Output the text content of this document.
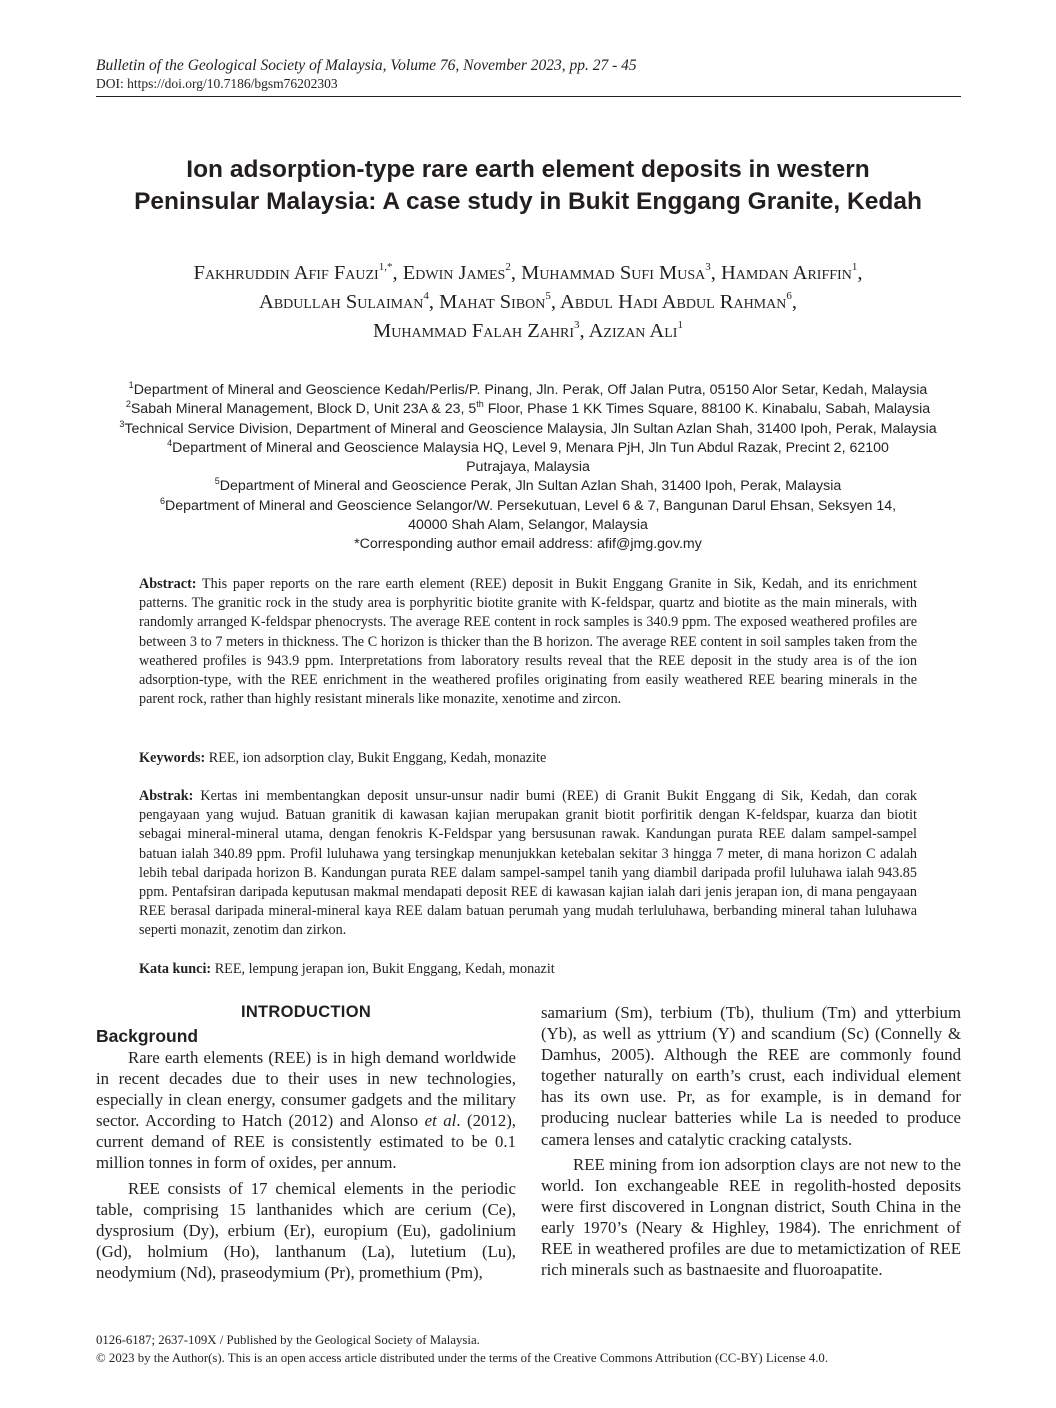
Bulletin of the Geological Society of Malaysia, Volume 76, November 2023, pp. 27 - 45
DOI: https://doi.org/10.7186/bgsm76202303
Ion adsorption-type rare earth element deposits in western
Peninsular Malaysia: A case study in Bukit Enggang Granite, Kedah
Fakhruddin Afif Fauzi$^{1,*}$, Edwin James$^2$, Muhammad Sufi Musa$^3$, Hamdan Ariffin$^1$,
Abdullah Sulaiman$^4$, Mahat Sibon$^5$, Abdul Hadi Abdul Rahman$^6$,
Muhammad Falah Zahri$^3$, Azizan Ali$^1$
$^1$Department of Mineral and Geoscience Kedah/Perlis/P. Pinang, Jln. Perak, Off Jalan Putra, 05150 Alor Setar, Kedah, Malaysia
$^2$Sabah Mineral Management, Block D, Unit 23A & 23, 5th Floor, Phase 1 KK Times Square, 88100 K. Kinabalu, Sabah, Malaysia
$^3$Technical Service Division, Department of Mineral and Geoscience Malaysia, Jln Sultan Azlan Shah, 31400 Ipoh, Perak, Malaysia
$^4$Department of Mineral and Geoscience Malaysia HQ, Level 9, Menara PjH, Jln Tun Abdul Razak, Precint 2, 62100
Putrajaya, Malaysia
$^5$Department of Mineral and Geoscience Perak, Jln Sultan Azlan Shah, 31400 Ipoh, Perak, Malaysia
$^6$Department of Mineral and Geoscience Selangor/W. Persekutuan, Level 6 & 7, Bangunan Darul Ehsan, Seksyen 14,
40000 Shah Alam, Selangor, Malaysia
*Corresponding author email address: afif@jmg.gov.my
Abstract: This paper reports on the rare earth element (REE) deposit in Bukit Enggang Granite in Sik, Kedah, and its enrichment patterns. The granitic rock in the study area is porphyritic biotite granite with K-feldspar, quartz and biotite as the main minerals, with randomly arranged K-feldspar phenocrysts. The average REE content in rock samples is 340.9 ppm. The exposed weathered profiles are between 3 to 7 meters in thickness. The C horizon is thicker than the B horizon. The average REE content in soil samples taken from the weathered profiles is 943.9 ppm. Interpretations from laboratory results reveal that the REE deposit in the study area is of the ion adsorption-type, with the REE enrichment in the weathered profiles originating from easily weathered REE bearing minerals in the parent rock, rather than highly resistant minerals like monazite, xenotime and zircon.
Keywords: REE, ion adsorption clay, Bukit Enggang, Kedah, monazite
Abstrak: Kertas ini membentangkan deposit unsur-unsur nadir bumi (REE) di Granit Bukit Enggang di Sik, Kedah, dan corak pengayaan yang wujud. Batuan granitik di kawasan kajian merupakan granit biotit porfiritik dengan K-feldspar, kuarza dan biotit sebagai mineral-mineral utama, dengan fenokris K-Feldspar yang bersusunan rawak. Kandungan purata REE dalam sampel-sampel batuan ialah 340.89 ppm. Profil luluhawa yang tersingkap menunjukkan ketebalan sekitar 3 hingga 7 meter, di mana horizon C adalah lebih tebal daripada horizon B. Kandungan purata REE dalam sampel-sampel tanih yang diambil daripada profil luluhawa ialah 943.85 ppm. Pentafsiran daripada keputusan makmal mendapati deposit REE di kawasan kajian ialah dari jenis jerapan ion, di mana pengayaan REE berasal daripada mineral-mineral kaya REE dalam batuan perumah yang mudah terluluhawa, berbanding mineral tahan luluhawa seperti monazit, zenotim dan zirkon.
Kata kunci: REE, lempung jerapan ion, Bukit Enggang, Kedah, monazit
INTRODUCTION
Background

Rare earth elements (REE) is in high demand worldwide in recent decades due to their uses in new technologies, especially in clean energy, consumer gadgets and the military sector. According to Hatch (2012) and Alonso et al. (2012), current demand of REE is consistently estimated to be 0.1 million tonnes in form of oxides, per annum.

REE consists of 17 chemical elements in the periodic table, comprising 15 lanthanides which are cerium (Ce), dysprosium (Dy), erbium (Er), europium (Eu), gadolinium (Gd), holmium (Ho), lanthanum (La), lutetium (Lu), neodymium (Nd), praseodymium (Pr), promethium (Pm),

samarium (Sm), terbium (Tb), thulium (Tm) and ytterbium (Yb), as well as yttrium (Y) and scandium (Sc) (Connelly & Damhus, 2005). Although the REE are commonly found together naturally on earth’s crust, each individual element has its own use. Pr, as for example, is in demand for producing nuclear batteries while La is needed to produce camera lenses and catalytic cracking catalysts.

REE mining from ion adsorption clays are not new to the world. Ion exchangeable REE in regolith-hosted deposits were first discovered in Longnan district, South China in the early 1970’s (Neary & Highley, 1984). The enrichment of REE in weathered profiles are due to metamictization of REE rich minerals such as bastnaesite and fluoroapatite.

0126-6187; 2637-109X / Published by the Geological Society of Malaysia.
© 2023 by the Author(s). This is an open access article distributed under the terms of the Creative Commons Attribution (CC-BY) License 4.0.
